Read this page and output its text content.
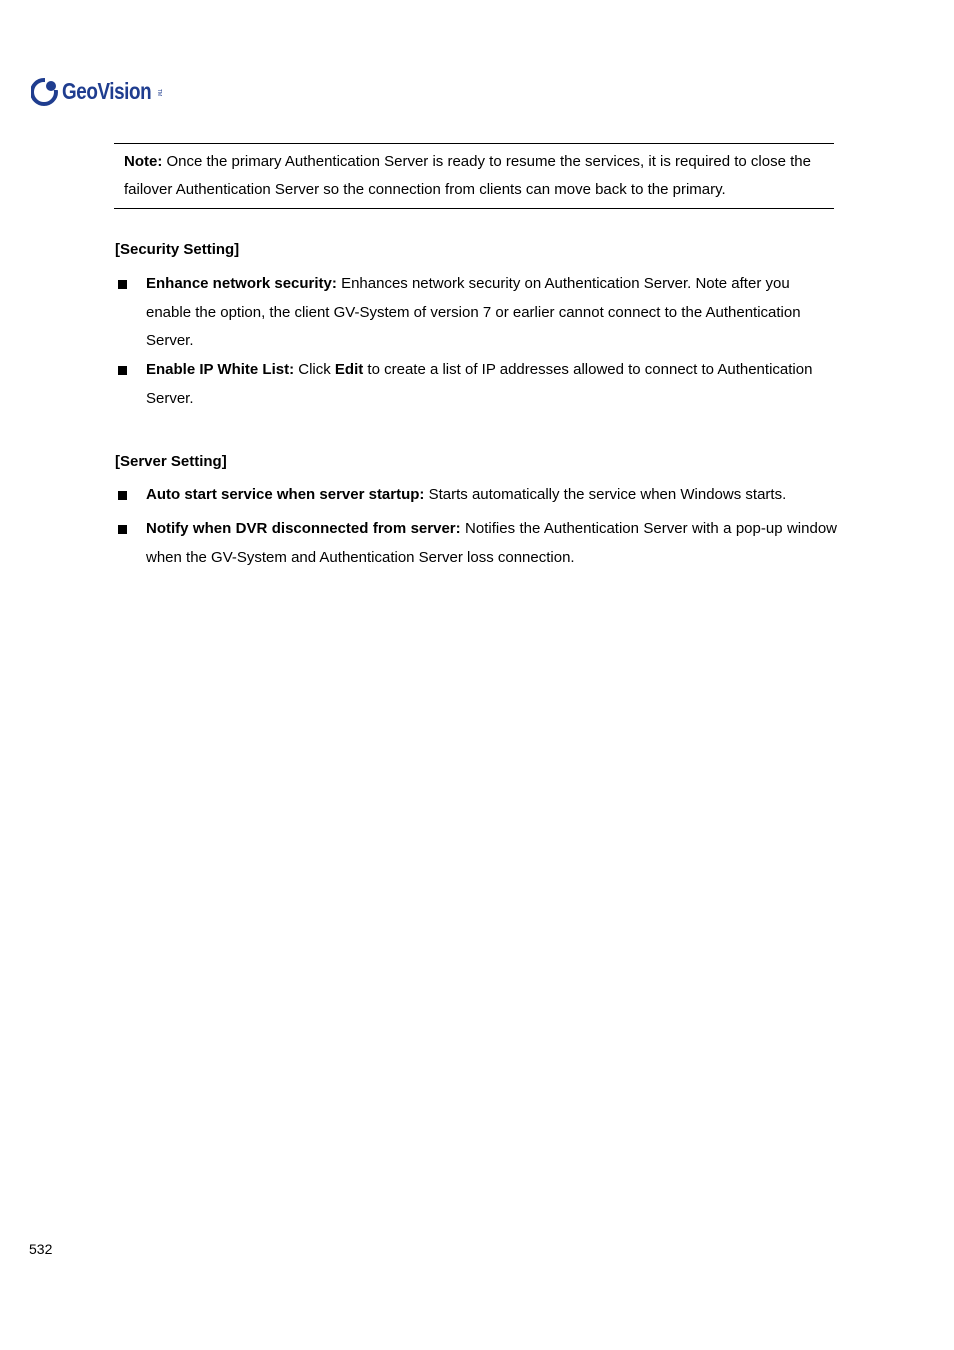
GeoVision TM
Note: Once the primary Authentication Server is ready to resume the services, it is required to close the failover Authentication Server so the connection from clients can move back to the primary.
[Security Setting]
Enhance network security: Enhances network security on Authentication Server. Note after you enable the option, the client GV-System of version 7 or earlier cannot connect to the Authentication Server.
Enable IP White List: Click Edit to create a list of IP addresses allowed to connect to Authentication Server.
[Server Setting]
Auto start service when server startup: Starts automatically the service when Windows starts.
Notify when DVR disconnected from server: Notifies the Authentication Server with a pop-up window when the GV-System and Authentication Server loss connection.
532
